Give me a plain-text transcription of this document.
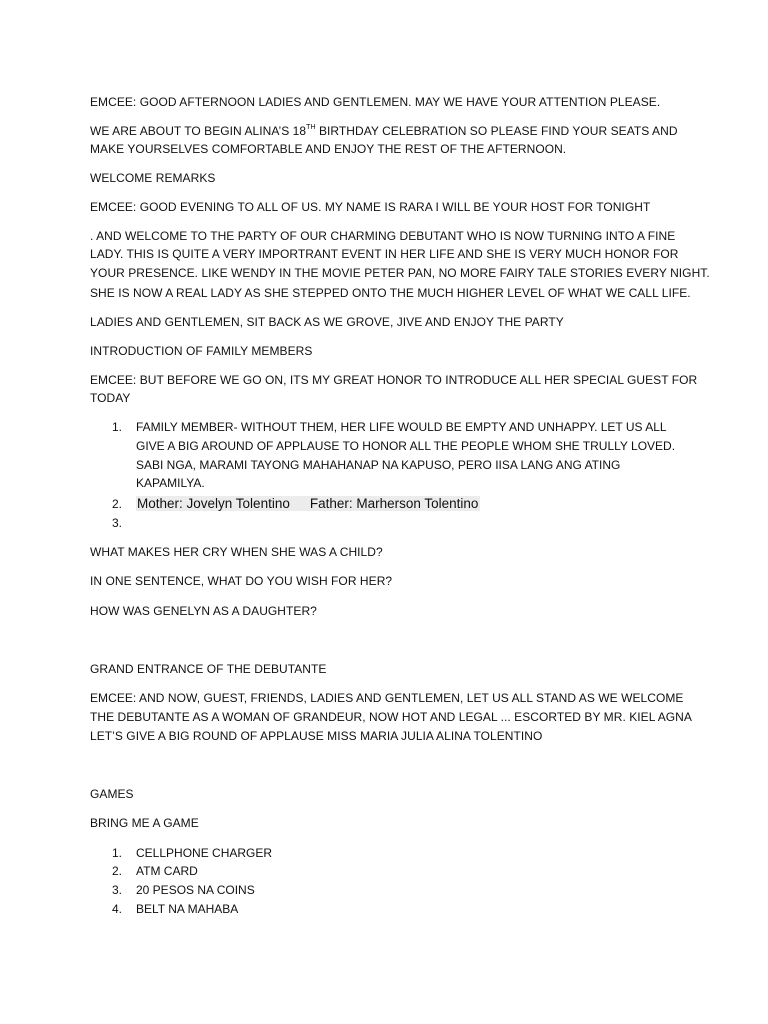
EMCEE: GOOD AFTERNOON LADIES AND GENTLEMEN. MAY WE HAVE YOUR ATTENTION PLEASE.
WE ARE ABOUT TO BEGIN ALINA’S 18TH BIRTHDAY CELEBRATION SO PLEASE FIND YOUR SEATS AND
MAKE YOURSELVES COMFORTABLE AND ENJOY THE REST OF THE AFTERNOON.
WELCOME REMARKS
EMCEE: GOOD EVENING TO ALL OF US. MY NAME IS RARA I WILL BE YOUR HOST FOR TONIGHT
. AND WELCOME TO THE PARTY OF OUR CHARMING DEBUTANT WHO IS NOW TURNING INTO A FINE
LADY. THIS IS QUITE A VERY IMPORTRANT EVENT IN HER LIFE AND SHE IS VERY MUCH HONOR FOR
YOUR PRESENCE. LIKE WENDY IN THE MOVIE PETER PAN, NO MORE FAIRY TALE STORIES EVERY NIGHT.
SHE IS NOW A REAL LADY AS SHE STEPPED ONTO THE MUCH HIGHER LEVEL OF WHAT WE CALL LIFE.
LADIES AND GENTLEMEN, SIT BACK AS WE GROVE, JIVE AND ENJOY THE PARTY
INTRODUCTION OF FAMILY MEMBERS
EMCEE: BUT BEFORE WE GO ON, ITS MY GREAT HONOR TO INTRODUCE ALL HER SPECIAL GUEST FOR
TODAY
1. FAMILY MEMBER- WITHOUT THEM, HER LIFE WOULD BE EMPTY AND UNHAPPY. LET US ALL
GIVE A BIG AROUND OF APPLAUSE TO HONOR ALL THE PEOPLE WHOM SHE TRULLY LOVED.
SABI NGA, MARAMI TAYONG MAHAHANAP NA KAPUSO, PERO IISA LANG ANG ATING
KAPAMILYA.
2. Mother: Jovelyn Tolentino Father: Marherson Tolentino
3.
WHAT MAKES HER CRY WHEN SHE WAS A CHILD?
IN ONE SENTENCE, WHAT DO YOU WISH FOR HER?
HOW WAS GENELYN AS A DAUGHTER?
GRAND ENTRANCE OF THE DEBUTANTE
EMCEE: AND NOW, GUEST, FRIENDS, LADIES AND GENTLEMEN, LET US ALL STAND AS WE WELCOME
THE DEBUTANTE AS A WOMAN OF GRANDEUR, NOW HOT AND LEGAL ... ESCORTED BY MR. KIEL AGNA
LET’S GIVE A BIG ROUND OF APPLAUSE MISS MARIA JULIA ALINA TOLENTINO
GAMES
BRING ME A GAME
1. CELLPHONE CHARGER
2. ATM CARD
3. 20 PESOS NA COINS
4. BELT NA MAHABA
